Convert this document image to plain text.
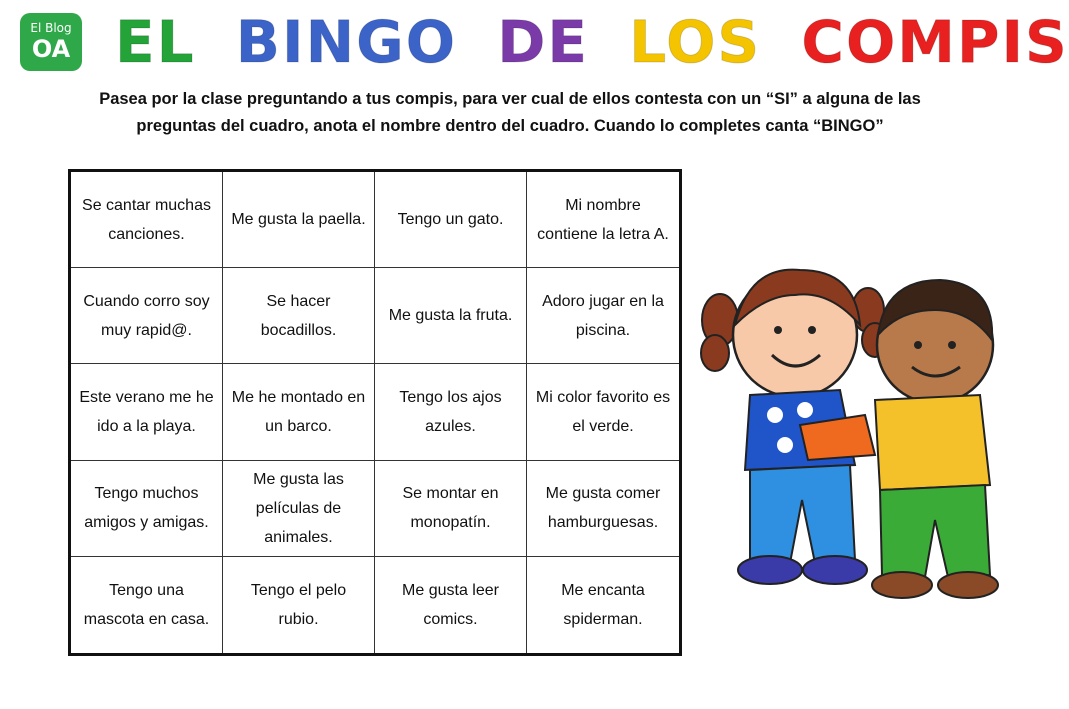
El Blog
OA EL BINGO DE LOS COMPIS
Pasea por la clase preguntando a tus compis, para ver cual de ellos contesta con un “SI” a alguna de las
preguntas del cuadro, anota el nombre dentro del cuadro. Cuando lo completes canta “BINGO”
Se cantar muchas canciones.
Me gusta la paella.	Tengo un gato.
Mi nombre contiene la letra A.
Cuando corro soy muy rapid@.
Se hacer bocadillos.
Me gusta la fruta.
Adoro jugar en la piscina.
Este verano me he ido a la playa.
Me he montado en un barco.
Tengo los ajos azules.
Mi color favorito es el verde.
Tengo muchos amigos y amigas.
Me gusta las películas de animales.
Se montar en monopatín.
Me gusta comer hamburguesas.
Tengo una mascota en casa.
Tengo el pelo rubio.
Me gusta leer comics.
Me encanta spiderman.
